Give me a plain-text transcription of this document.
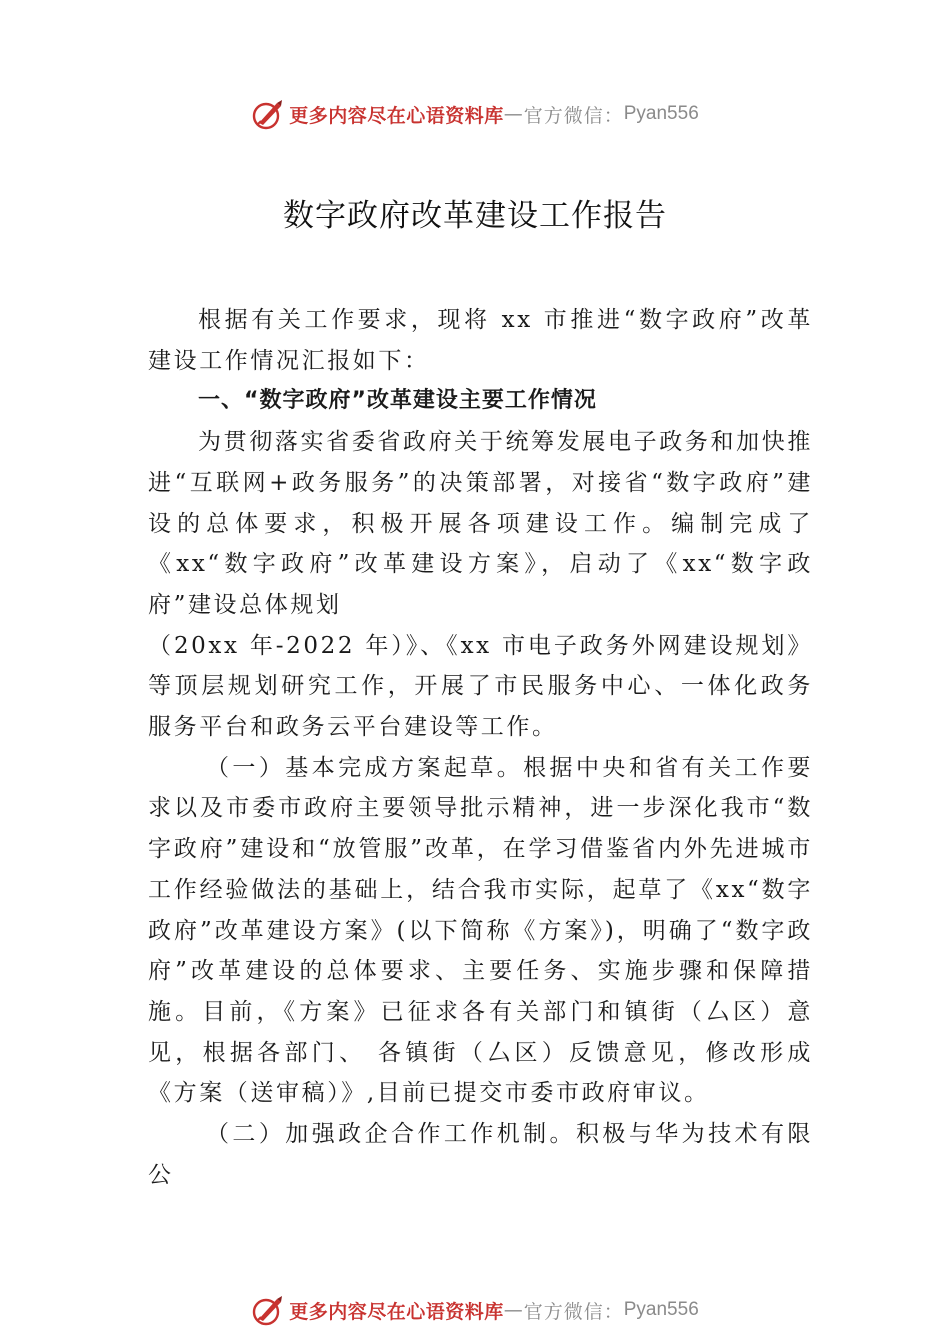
更多内容尽在心语资料库 — 官方微信： Pyan556
数字政府改革建设工作报告

根据有关工作要求，现将 xx 市推进“数字政府”改革建设工作情况汇报如下：

一、“数字政府”改革建设主要工作情况

为贯彻落实省委省政府关于统筹发展电子政务和加快推进“互联网+政务服务”的决策部署，对接省“数字政府”建设的总体要求，积极开展各项建设工作。编制完成了《xx“数字政府”改革建设方案》，启动了《xx“数字政府”建设总体规划

（20xx 年-2022 年）》、《xx 市电子政务外网建设规划》等顶层规划研究工作，开展了市民服务中心、一体化政务服务平台和政务云平台建设等工作。

（一）基本完成方案起草。根据中央和省有关工作要求以及市委市政府主要领导批示精神，进一步深化我市“数字政府”建设和“放管服”改革，在学习借鉴省内外先进城市工作经验做法的基础上，结合我市实际，起草了《xx“数字政府”改革建设方案》(以下简称《方案》)，明确了“数字政府”改革建设的总体要求、主要任务、实施步骤和保障措施。目前，《方案》已征求各有关部门和镇街（厶区）意见，根据各部门、 各镇街（厶区）反馈意见，修改形成《方案（送审稿）》,目前已提交市委市政府审议。

（二）加强政企合作工作机制。积极与华为技术有限公

更多内容尽在心语资料库 — 官方微信： Pyan556
